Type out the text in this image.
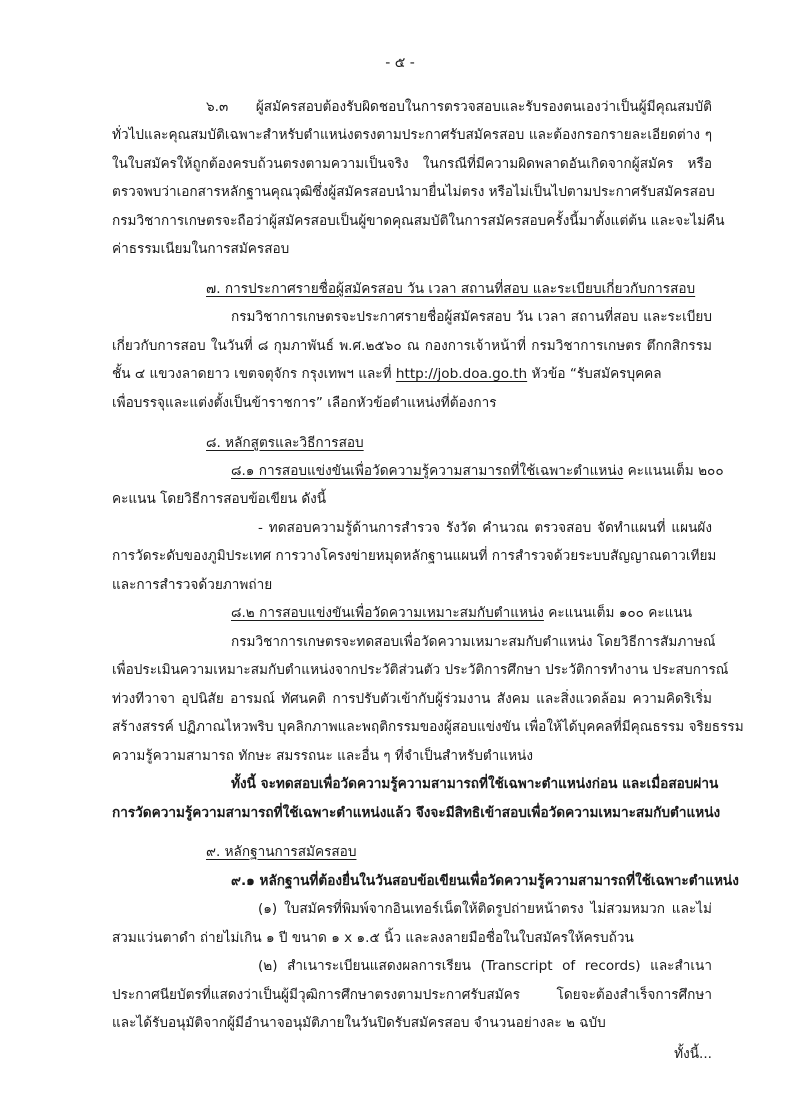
- ๕ -
๖.๓ ผู้สมัครสอบต้องรับผิดชอบในการตรวจสอบและรับรองตนเองว่าเป็นผู้มีคุณสมบัติ
ทั่วไปและคุณสมบัติเฉพาะสำหรับตำแหน่งตรงตามประกาศรับสมัครสอบ และต้องกรอกรายละเอียดต่าง ๆ
ในใบสมัครให้ถูกต้องครบถ้วนตรงตามความเป็นจริง ในกรณีที่มีความผิดพลาดอันเกิดจากผู้สมัคร หรือ
ตรวจพบว่าเอกสารหลักฐานคุณวุฒิซึ่งผู้สมัครสอบนำมายื่นไม่ตรง หรือไม่เป็นไปตามประกาศรับสมัครสอบ
กรมวิชาการเกษตรจะถือว่าผู้สมัครสอบเป็นผู้ขาดคุณสมบัติในการสมัครสอบครั้งนี้มาตั้งแต่ต้น และจะไม่คืน
ค่าธรรมเนียมในการสมัครสอบ
๗. การประกาศรายชื่อผู้สมัครสอบ วัน เวลา สถานที่สอบ และระเบียบเกี่ยวกับการสอบ
กรมวิชาการเกษตรจะประกาศรายชื่อผู้สมัครสอบ วัน เวลา สถานที่สอบ และระเบียบ
เกี่ยวกับการสอบ ในวันที่ ๘ กุมภาพันธ์ พ.ศ.๒๕๖๐ ณ กองการเจ้าหน้าที่ กรมวิชาการเกษตร ตึกกสิกรรม
ชั้น ๔ แขวงลาดยาว เขตจตุจักร กรุงเทพฯ และที่ http://job.doa.go.th หัวข้อ “รับสมัครบุคคล
เพื่อบรรจุและแต่งตั้งเป็นข้าราชการ” เลือกหัวข้อตำแหน่งที่ต้องการ
๘. หลักสูตรและวิธีการสอบ
๘.๑ การสอบแข่งขันเพื่อวัดความรู้ความสามารถที่ใช้เฉพาะตำแหน่ง คะแนนเต็ม ๒๐๐
คะแนน โดยวิธีการสอบข้อเขียน ดังนี้
- ทดสอบความรู้ด้านการสำรวจ รังวัด คำนวณ ตรวจสอบ จัดทำแผนที่ แผนผัง
การวัดระดับของภูมิประเทศ การวางโครงข่ายหมุดหลักฐานแผนที่ การสำรวจด้วยระบบสัญญาณดาวเทียม
และการสำรวจด้วยภาพถ่าย
๘.๒ การสอบแข่งขันเพื่อวัดความเหมาะสมกับตำแหน่ง คะแนนเต็ม ๑๐๐ คะแนน
กรมวิชาการเกษตรจะทดสอบเพื่อวัดความเหมาะสมกับตำแหน่ง โดยวิธีการสัมภาษณ์
เพื่อประเมินความเหมาะสมกับตำแหน่งจากประวัติส่วนตัว ประวัติการศึกษา ประวัติการทำงาน ประสบการณ์
ท่วงทีวาจา อุปนิสัย อารมณ์ ทัศนคติ การปรับตัวเข้ากับผู้ร่วมงาน สังคม และสิ่งแวดล้อม ความคิดริเริ่ม
สร้างสรรค์ ปฏิภาณไหวพริบ บุคลิกภาพและพฤติกรรมของผู้สอบแข่งขัน เพื่อให้ได้บุคคลที่มีคุณธรรม จริยธรรม
ความรู้ความสามารถ ทักษะ สมรรถนะ และอื่น ๆ ที่จำเป็นสำหรับตำแหน่ง
ทั้งนี้ จะทดสอบเพื่อวัดความรู้ความสามารถที่ใช้เฉพาะตำแหน่งก่อน และเมื่อสอบผ่าน
การวัดความรู้ความสามารถที่ใช้เฉพาะตำแหน่งแล้ว จึงจะมีสิทธิเข้าสอบเพื่อวัดความเหมาะสมกับตำแหน่ง
๙. หลักฐานการสมัครสอบ
๙.๑ หลักฐานที่ต้องยื่นในวันสอบข้อเขียนเพื่อวัดความรู้ความสามารถที่ใช้เฉพาะตำแหน่ง
(๑) ใบสมัครที่พิมพ์จากอินเทอร์เน็ตให้ติดรูปถ่ายหน้าตรง ไม่สวมหมวก และไม่
สวมแว่นตาดำ ถ่ายไม่เกิน ๑ ปี ขนาด ๑ x ๑.๕ นิ้ว และลงลายมือชื่อในใบสมัครให้ครบถ้วน
(๒) สำเนาระเบียนแสดงผลการเรียน (Transcript of records) และสำเนา
ประกาศนียบัตรที่แสดงว่าเป็นผู้มีวุฒิการศึกษาตรงตามประกาศรับสมัคร โดยจะต้องสำเร็จการศึกษา
และได้รับอนุมัติจากผู้มีอำนาจอนุมัติภายในวันปิดรับสมัครสอบ จำนวนอย่างละ ๒ ฉบับ
ทั้งนี้...
